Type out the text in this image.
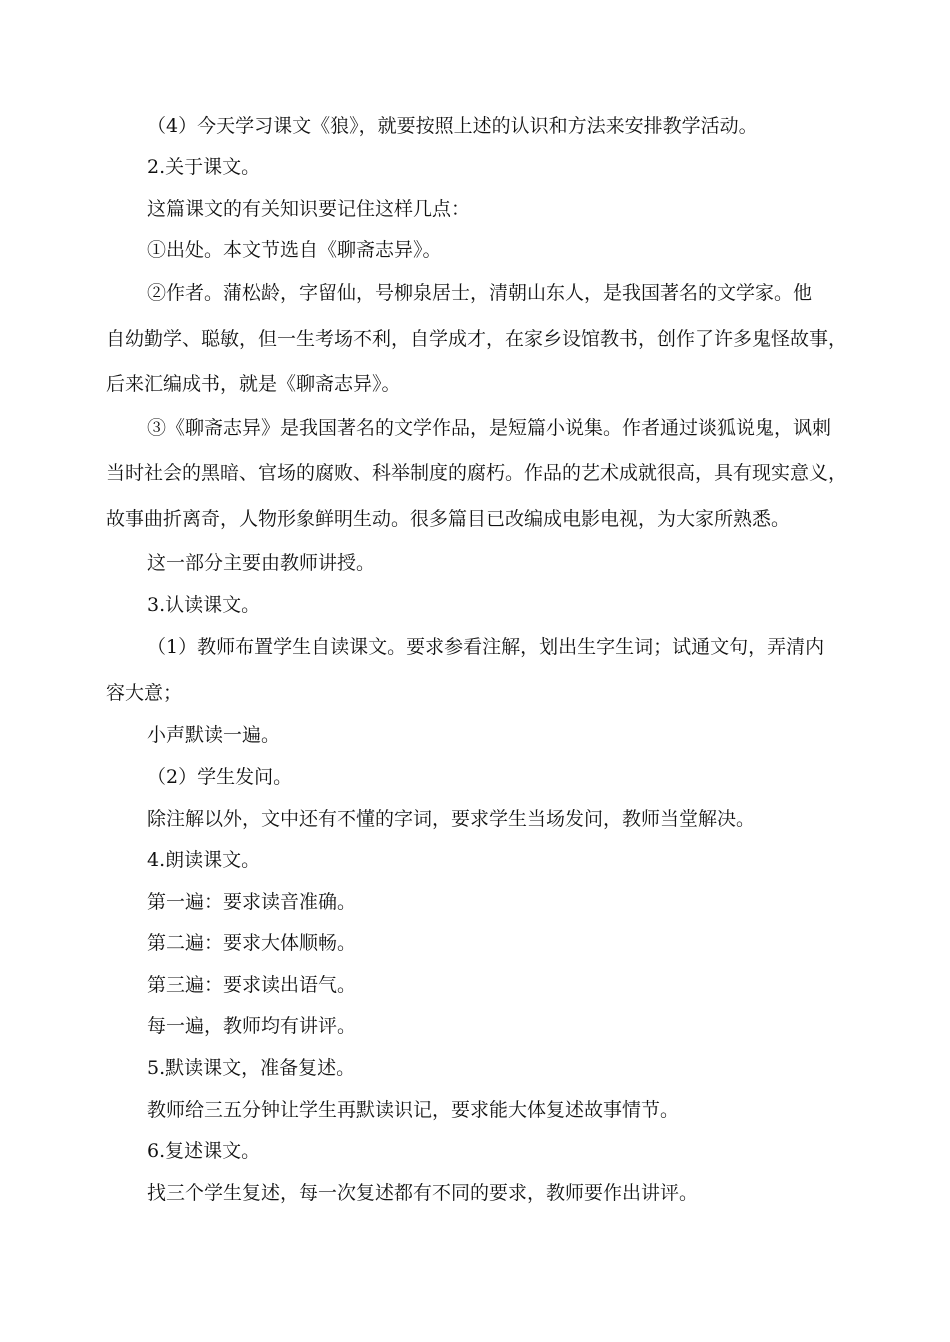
（4）今天学习课文《狼》，就要按照上述的认识和方法来安排教学活动。

2.关于课文。

这篇课文的有关知识要记住这样几点：

①出处。本文节选自《聊斋志异》。

②作者。蒲松龄，字留仙，号柳泉居士，清朝山东人，是我国著名的文学家。他

自幼勤学、聪敏，但一生考场不利，自学成才，在家乡设馆教书，创作了许多鬼怪故事，

后来汇编成书，就是《聊斋志异》。

③《聊斋志异》是我国著名的文学作品，是短篇小说集。作者通过谈狐说鬼，讽刺

当时社会的黑暗、官场的腐败、科举制度的腐朽。作品的艺术成就很高，具有现实意义，

故事曲折离奇，人物形象鲜明生动。很多篇目已改编成电影电视，为大家所熟悉。

这一部分主要由教师讲授。

3.认读课文。

（1）教师布置学生自读课文。要求参看注解，划出生字生词；试通文句，弄清内

容大意；

小声默读一遍。

（2）学生发问。

除注解以外，文中还有不懂的字词，要求学生当场发问，教师当堂解决。

4.朗读课文。

第一遍：要求读音准确。

第二遍：要求大体顺畅。

第三遍：要求读出语气。

每一遍，教师均有讲评。

5.默读课文，准备复述。

教师给三五分钟让学生再默读识记，要求能大体复述故事情节。

6.复述课文。

找三个学生复述，每一次复述都有不同的要求，教师要作出讲评。
